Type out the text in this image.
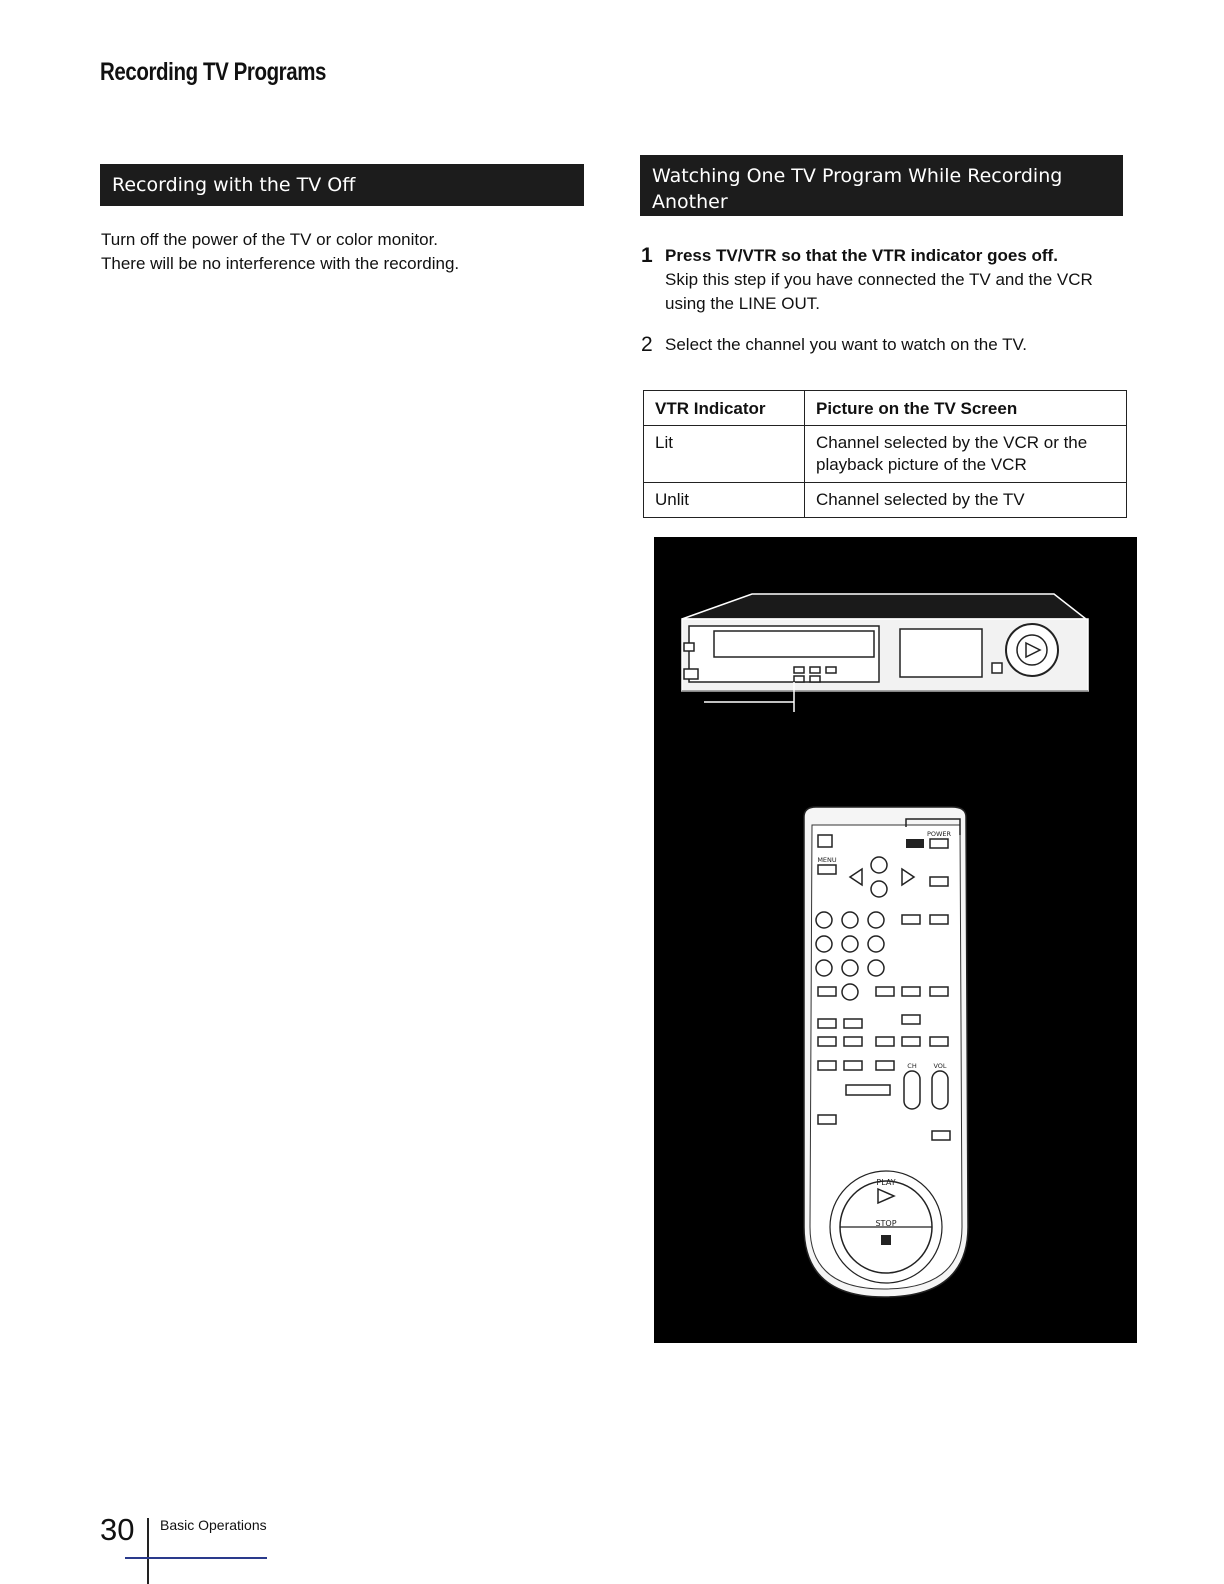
Recording TV Programs
Recording with the TV Off
Turn off the power of the TV or color monitor.
There will be no interference with the recording.
Watching One TV Program While Recording Another
1 Press TV/VTR so that the VTR indicator goes off.
Skip this step if you have connected the TV and the VCR using the LINE OUT.
2 Select the channel you want to watch on the TV.
VTR Indicator	Picture on the TV Screen
Lit	Channel selected by the VCR or the playback picture of the VCR
Unlit	Channel selected by the TV
MENU
POWER
CH	VOL
PLAY
STOP
30 Basic Operations
